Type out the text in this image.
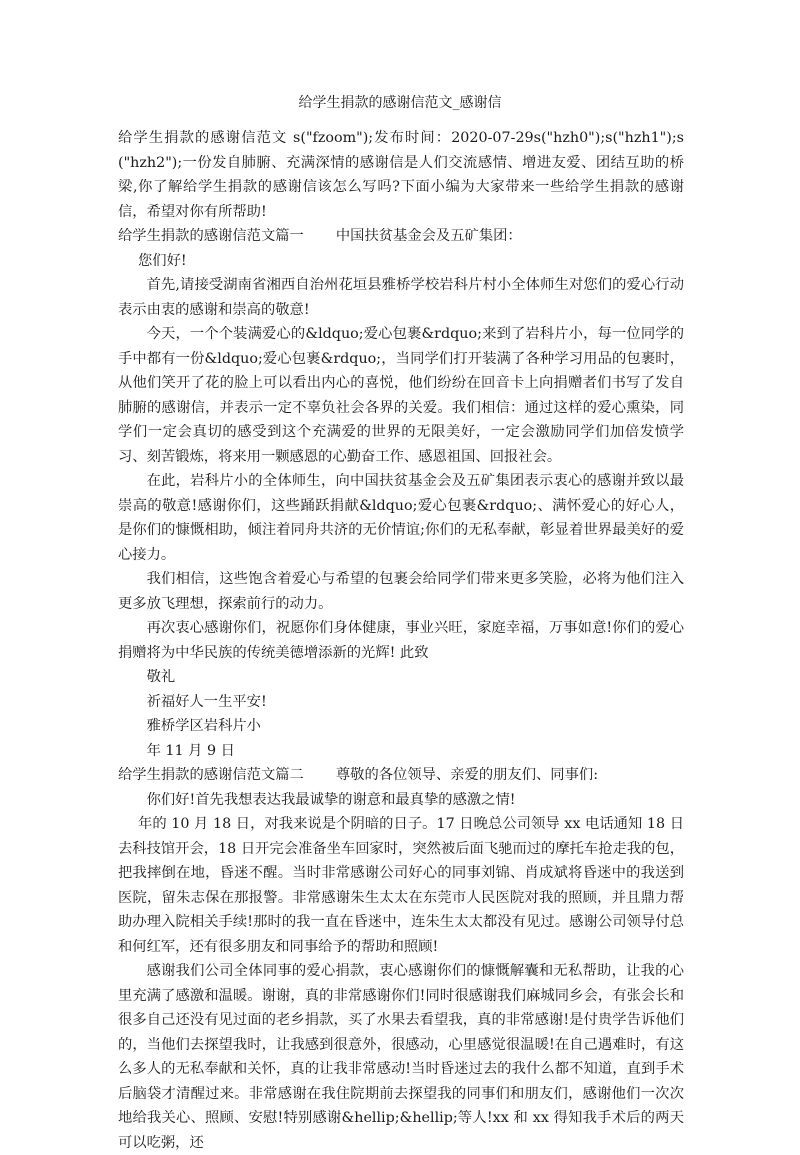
给学生捐款的感谢信范文_感谢信

给学生捐款的感谢信范文 s("fzoom");发布时间：2020-07-29s("hzh0");s("hzh1");s("hzh2");一份发自肺腑、充满深情的感谢信是人们交流感情、增进友爱、团结互助的桥梁,你了解给学生捐款的感谢信该怎么写吗?下面小编为大家带来一些给学生捐款的感谢信，希望对你有所帮助!

给学生捐款的感谢信范文篇一 中国扶贫基金会及五矿集团：

您们好!

首先,请接受湖南省湘西自治州花垣县雅桥学校岩科片村小全体师生对您们的爱心行动表示由衷的感谢和崇高的敬意!

今天，一个个装满爱心的&ldquo;爱心包裹&rdquo;来到了岩科片小，每一位同学的手中都有一份&ldquo;爱心包裹&rdquo;，当同学们打开装满了各种学习用品的包裹时，从他们笑开了花的脸上可以看出内心的喜悦，他们纷纷在回音卡上向捐赠者们书写了发自肺腑的感谢信，并表示一定不辜负社会各界的关爱。我们相信：通过这样的爱心熏染，同学们一定会真切的感受到这个充满爱的世界的无限美好，一定会激励同学们加倍发愤学习、刻苦锻炼，将来用一颗感恩的心勤奋工作、感恩祖国、回报社会。

在此，岩科片小的全体师生，向中国扶贫基金会及五矿集团表示衷心的感谢并致以最崇高的敬意!感谢你们，这些踊跃捐献&ldquo;爱心包裹&rdquo;、满怀爱心的好心人，是你们的慷慨相助，倾注着同舟共济的无价情谊;你们的无私奉献，彰显着世界最美好的爱心接力。

我们相信，这些饱含着爱心与希望的包裹会给同学们带来更多笑脸，必将为他们注入更多放飞理想，探索前行的动力。

再次衷心感谢你们，祝愿你们身体健康，事业兴旺，家庭幸福，万事如意!你们的爱心捐赠将为中华民族的传统美德增添新的光辉! 此致

敬礼

祈福好人一生平安!

雅桥学区岩科片小

年 11 月 9 日

给学生捐款的感谢信范文篇二 尊敬的各位领导、亲爱的朋友们、同事们:

你们好!首先我想表达我最诚挚的谢意和最真挚的感激之情!

年的 10 月 18 日，对我来说是个阴暗的日子。17 日晚总公司领导 xx 电话通知 18 日去科技馆开会，18 日开完会准备坐车回家时，突然被后面飞驰而过的摩托车抢走我的包，把我摔倒在地，昏迷不醒。当时非常感谢公司好心的同事刘锦、肖成斌将昏迷中的我送到医院，留朱志保在那报警。非常感谢朱生太太在东莞市人民医院对我的照顾，并且鼎力帮助办理入院相关手续!那时的我一直在昏迷中，连朱生太太都没有见过。感谢公司领导付总和何红军，还有很多朋友和同事给予的帮助和照顾!

感谢我们公司全体同事的爱心捐款，衷心感谢你们的慷慨解囊和无私帮助，让我的心里充满了感激和温暖。谢谢，真的非常感谢你们!同时很感谢我们麻城同乡会，有张会长和很多自己还没有见过面的老乡捐款，买了水果去看望我，真的非常感谢!是付贵学告诉他们的，当他们去探望我时，让我感到很意外，很感动，心里感觉很温暖!在自己遇难时，有这么多人的无私奉献和关怀，真的让我非常感动!当时昏迷过去的我什么都不知道，直到手术后脑袋才清醒过来。非常感谢在我住院期前去探望我的同事们和朋友们，感谢他们一次次地给我关心、照顾、安慰!特别感谢&hellip;&hellip;等人!xx 和 xx 得知我手术后的两天可以吃粥，还
